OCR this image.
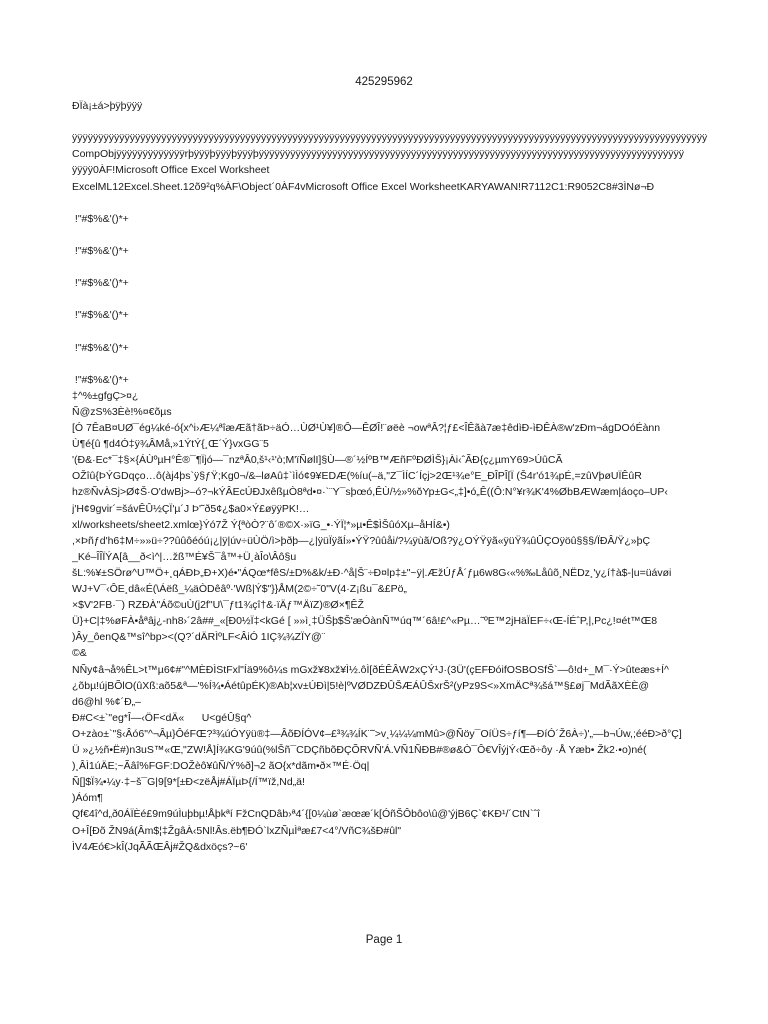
425295962
ÐÏà¡±á>þÿþÿÿÿ
ÿÿÿÿÿÿÿÿÿÿÿÿÿÿÿÿÿÿÿÿÿÿÿÿÿÿÿÿÿÿÿÿÿÿÿÿÿÿÿÿÿÿÿÿÿÿÿÿÿÿÿÿÿÿÿÿÿÿÿÿÿÿÿÿÿÿÿÿÿÿÿÿÿÿÿÿÿÿÿÿÿÿÿÿÿÿÿÿÿÿÿÿÿÿÿÿÿÿÿÿÿÿÿÿÿÿÿÿÿÿÿÿÿÿÿÿÿÿÿÿÿ
CompObjÿÿÿÿÿÿÿÿÿÿÿÿÿrþÿÿÿþÿÿÿþÿÿÿþÿÿÿÿÿÿÿÿÿÿÿÿÿÿÿÿÿÿÿÿÿÿÿÿÿÿÿÿÿÿÿÿÿÿÿÿÿÿÿÿÿÿÿÿÿÿÿÿÿÿÿÿÿÿÿÿÿÿÿÿÿÿÿÿÿÿÿÿÿÿÿÿÿÿÿÿÿÿÿÿÿ
ÿÿÿÿ0ÀF!Microsoft Office Excel Worksheet
ExcelML12Excel.Sheet.12õ9²q%ÀF\Object´0ÀF4vMicrosoft Office Excel WorksheetKARYAWAN!R7112C1:R9052C8#3ÌNø¬Ð
!"#$%&'()*+
!"#$%&'()*+
!"#$%&'()*+
!"#$%&'()*+
!"#$%&'()*+
!"#$%&'()*+
‡^%±gfgÇ>¤¿
Ñ@zS%3Èè!%¤€õµs
[Ó 7ÊaB¤UØ¯ég¼ké-ó{x^i›Æ¼ªîæÆã†ãÞ÷äÓ…ÙØ¹Ù¥]®Ô—ÊØÎ!¨øëè ¬owªÂ?¦ƒ£<ÎÊãà7æ‡êdìÐ-ìÐÊÀ®w'zÐm¬ágDOóÉànn
Ù¶é{û ¶d4Ó‡ÿ¾ÂMå‚»1ÝtÝ{¸Œ´Ý}vxGG¨5
'(Ð&·Ec*¯‡§×{ÁÙºµH°Ê®¯¶Ïjó—¯nzªÂ0‚š¹‹¹'ò;M'ïÑølI]§Ù—®´½ÍºB™ÆñFºÐØÌŠ}¡Ài‹ˆÃÐ{ç¿µmY69>ÚûCÃ
OŽîû{ÞÝGDqço…ô(àj4þs`ÿ§ƒŸ;Kg0¬/&–løAû‡`ìÌó¢9¥EDÆ(%íu(–ä,"Z¯ÌÍC´Íçj>2Œ¹¾e°E_ÐÎPÎ[Ï (Š4r'ó1¾pÉ,=zûVþøUÏÊûR
hz®ÑvÀSj>Ø¢Š·O'dwBj>–ó?¬kÝÂEcÚÐJxêßµÒ8ªd•¤·`¨Y¯sþœó,ÊÙ/½»%ŏYp±G<„‡]•ó„Ê((Ô:N°¥r¾K'4%ØbBÆWæm|áoço–UP‹
j'H¢9gvir´=šávÊÛ½ÇÏ'µ´J Þ'˜ð5¢¿$a0×Ý£øÿÿPK!…
xl/worksheets/sheet2.xmlœ}Ýó7Ž Ý{ªòÒ?¨ô´®©X·»ïG_•·ÝÏ¦*»µ•Ê$ÌŠûóXµ–åHÍ&•)
,×Þñƒd'h6‡M÷»»ü÷??ûûôéóú¡¿|ÿ|úv÷üÙÖ/ì>þðþ—¿|ÿüÏÿãÍ»•ÝŸ?ûûåi/?¼ÿùã/Oß?ÿ¿OÝŸÿã«ÿüŸ¾ûÛÇOÿöû§§§/ÏÐÂ/Ÿ¿»þÇ
_Ké–ÎÎÏÝA[â__ð<ì^|…žß™É¥Š¯å™+Ü¸àÎo\Âô§u
šL:%¥±SÖrø^U™Ö+¸qÁÐÞ„Ð+X)é•"ÁQœ*fêS/±D%&k/±Ð·^å|Š¨÷Ð¤lp‡±"~ÿ|.ÆžÚƒÅ´ƒµ6w8G‹«%‰Låûõ¸NËDz¸'y¿í†à$-|u=üávøi
WJ+V¯‹ÔE¸dâ«É(\Áëß_¼äÒDêâº·'Wß|Ý$"}}ÅM(2©÷˜0"V(4·Z¡ßu¯&£Pö„
×$V'2FB·¯) RZÐÀ"Áõ©uÙ(j2f"U\¯ƒt1¾çî†&·ïÄƒ™ÄïZ)®Ø×¶ÊŽ
Ü}+C|‡%øFÀ•åªâj¿-nh8›´2â##_«[Ð0½Ï‡<kGé [ »»ì¸‡ÜŠþ$Š'æÓànÑ™úq™´6â!£^«Pµ…˜ºE™2jHäÏEF÷‹Œ-ÍÉˆP,|,Pc¿!¤ét™Œ8
)Ây_ôenQ&™sî^bp><(Q?´dÄRÌºLF<ÂiÓ 1IÇ¾¾ZÏY@¨
©&
NÑy¢â¬å%ÊL>t™µ6¢#"^MÈÐÌStFxl"Íä9%ô¼s mGxž¥8xž¥Ì½.ôÌ[ðÉÊÂW2xÇÝ¹J·(3Ü'(çEFÐóifOSBOSfŠ`—ô!d+_M¯·Ý>ûteæs+Í^
¿õbµ!újBÕlO(ûXß:aõ5&ª—'%Í¾•ÁétûpÉK)®Ab¦xv±ÚÐì|5!è|ºVØDZÐÛŠÆÁÛŠxrŠ²(yPz9S<»XmÄCª¾šá™§£øj¯MdÃãXÈÈ@
d6@hl %¢´Ð„–
Ð#C<±`"eg*Î—‹ÖF<dÄ«      U<géÛ§q^
O+zào±`"§‹Âó6"^¬Âµ}ÔéFŒ?³¾úÓYÿü®‡—ÂõÐÍÓV¢–£³¾¾ÍK¨˜>v¸¼¼¼mMû>@Ñöy¯OíÜS÷ƒí¶—ÐíÓ´Ž6À÷)'„—b¬Úw,;ééÐ>ð°Ç]
Ü »¿½ñ•Ë#)n3uS™«Œ‚"ZW!Å]Í¾KG'9úû(%lŠñ¯CDÇñbõÐÇÕRVÑ'Á.VÑ1ÑÐB#®ø&Ò¯Ô€VÎýjÝ‹Œð÷ôy ·Å Yæb• Žk2·•o)né(
)¸ÂÌ1úÄE;~Ãâî%FGF:DOŽèô¥ûÑ/Ý%ð]¬2 ãO{x*dãm•ð×™É·Öq|
Ñ[]$Ï¾•¼y·‡~š¯G|9[9*[±Ð<zëÅj#ÁÏµÞ{/Í™ïž,Nd„ä!
)Áóm¶
Qf€4î^d„ð0ÁÏÈé£9m9úÌuþbµ!Åþkªí FžCnQDâb›ª4´{[0¼ùø`æœæ´k[ÓñŠÔbôo\û@'ýjB6Ç`¢KÐ¹/´CtN`ˆî
O+Î[Ðõ ŽN9á(Âm$¦‡ŽgâÀ‹5Nl!Âs.ëb¶ÐÓ`lxZÑµÌªæ£7<4°/VñC¾šÐ#ûl"
ÌV4Æó€>kÎ(JqÃÃŒÂj#ŽQ&dxöçs?~6'
Page 1
